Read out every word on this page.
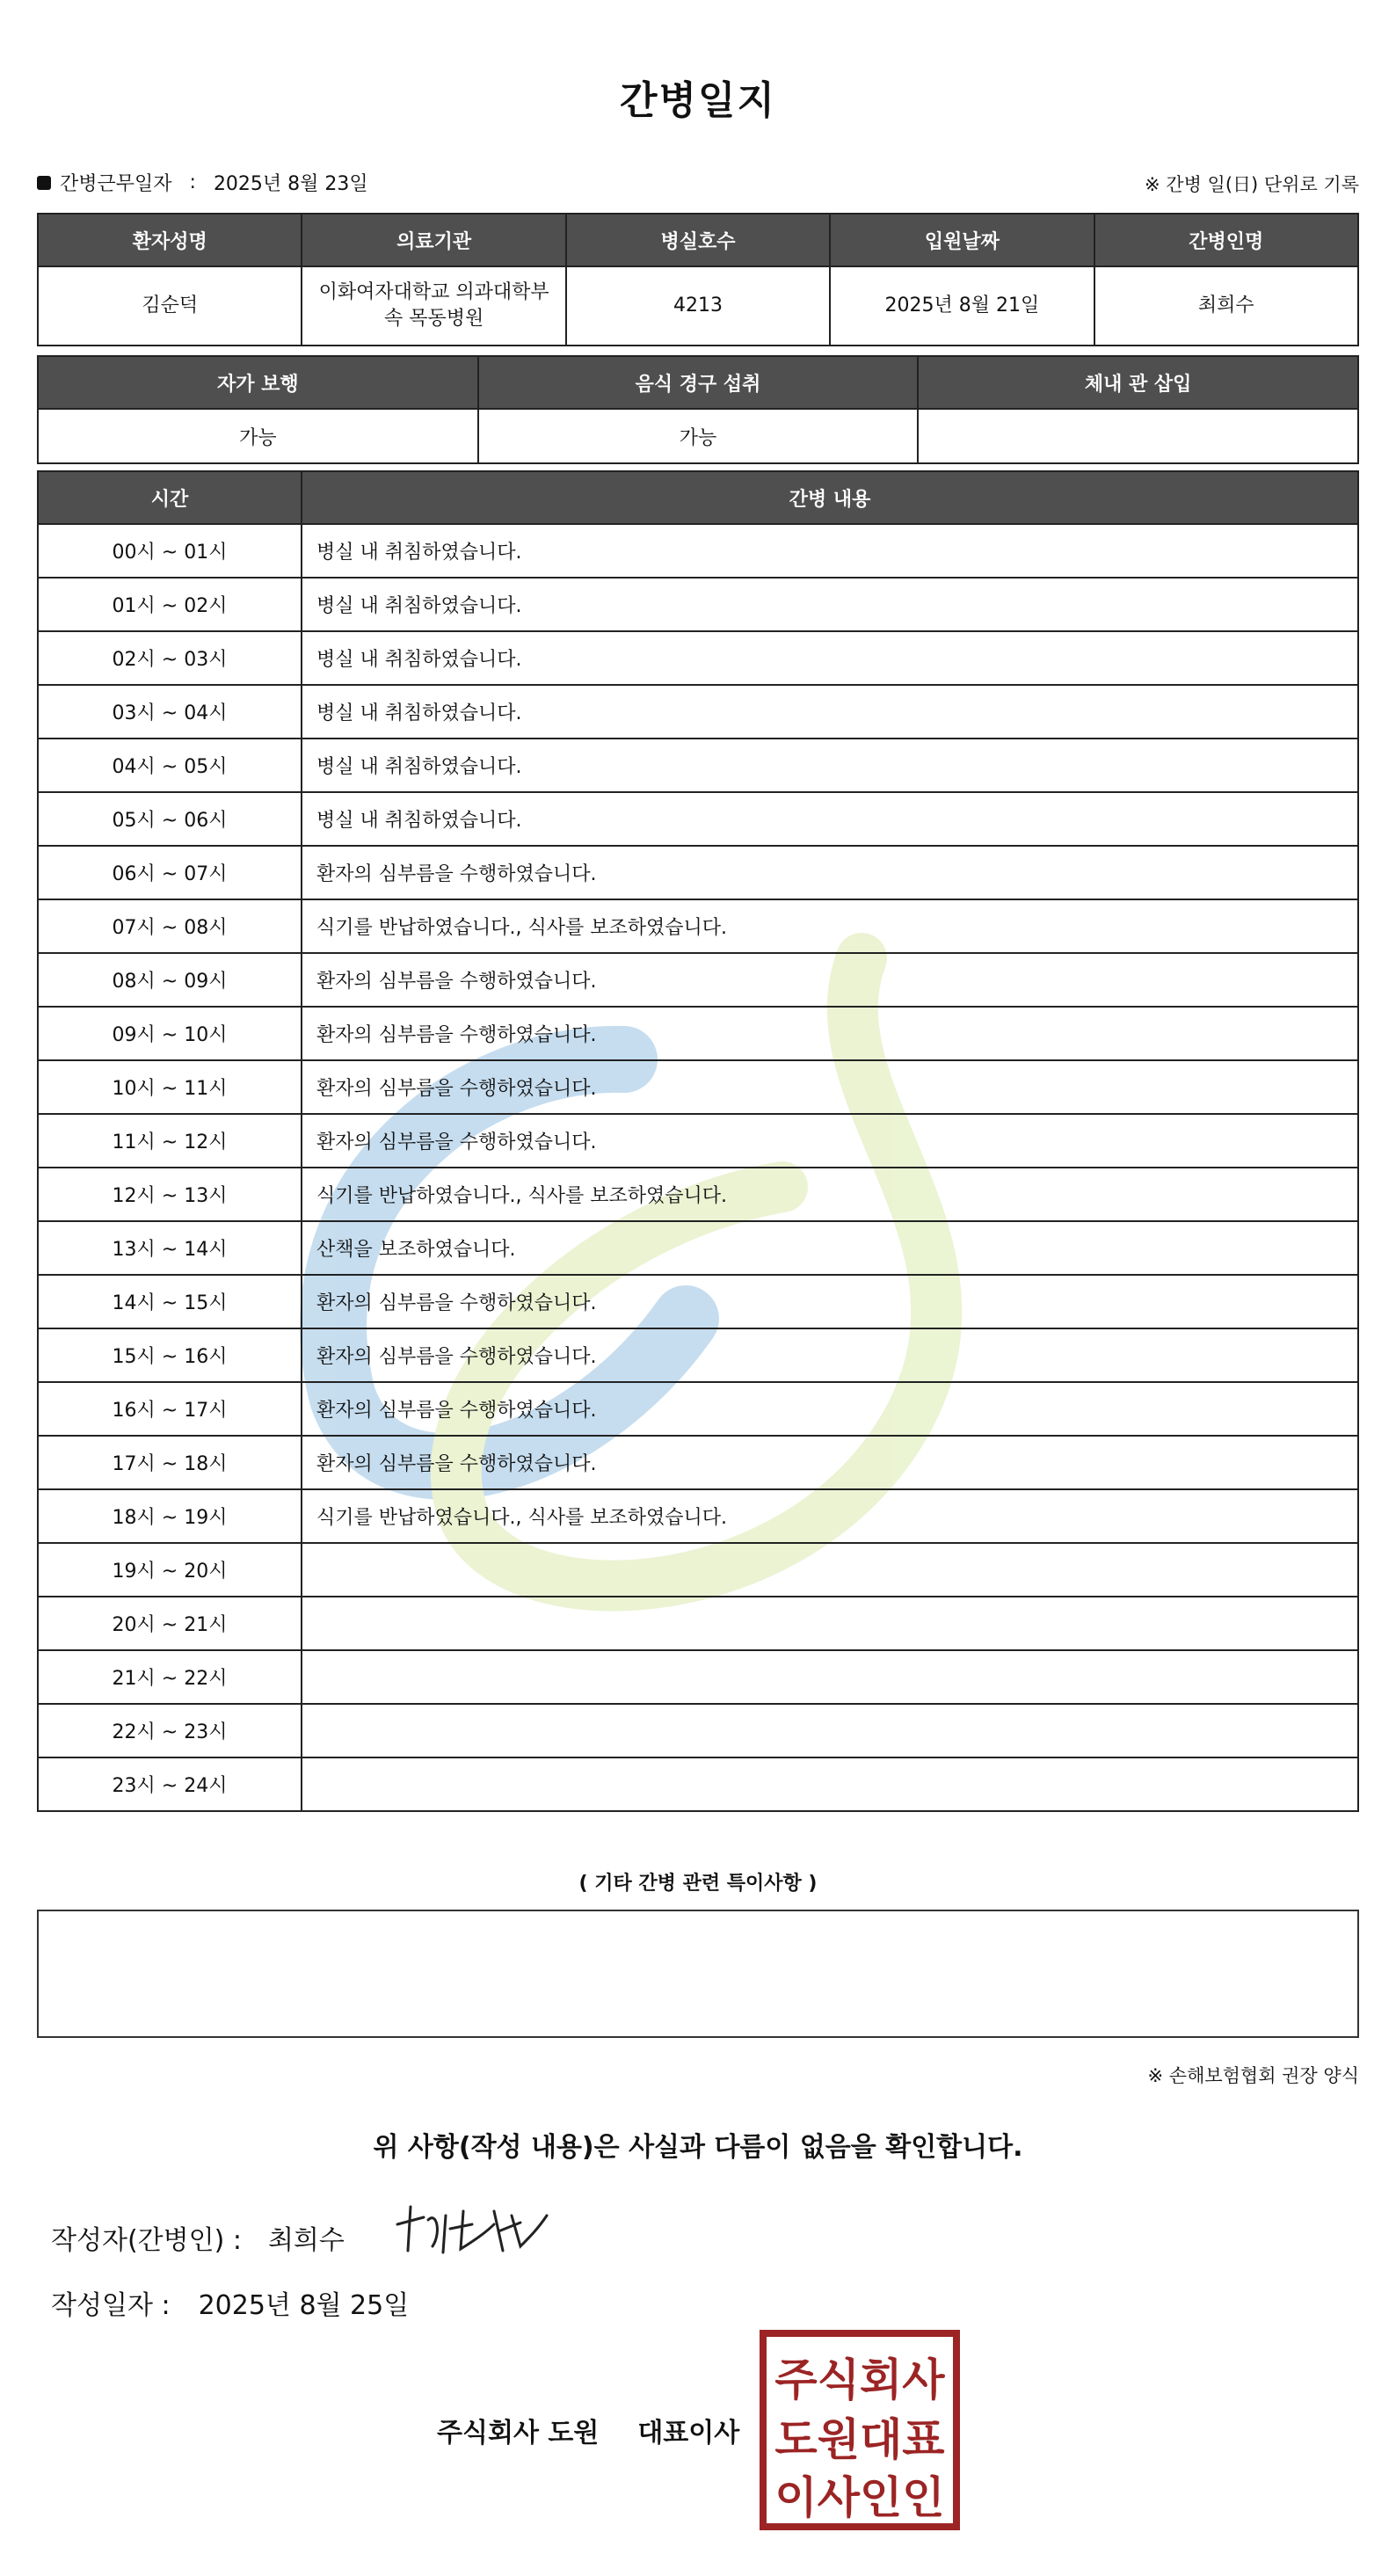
간병일지
간병근무일자 : 2025년 8월 23일	※ 간병 일(日) 단위로 기록
환자성명	의료기관	병실호수	입원날짜	간병인명
김순덕	이화여자대학교 의과대학부속 목동병원	4213	2025년 8월 21일	최희수
자가 보행	음식 경구 섭취	체내 관 삽입
가능	가능	
시간	간병 내용
00시 ~ 01시	병실 내 취침하였습니다.
01시 ~ 02시	병실 내 취침하였습니다.
02시 ~ 03시	병실 내 취침하였습니다.
03시 ~ 04시	병실 내 취침하였습니다.
04시 ~ 05시	병실 내 취침하였습니다.
05시 ~ 06시	병실 내 취침하였습니다.
06시 ~ 07시	환자의 심부름을 수행하였습니다.
07시 ~ 08시	식기를 반납하였습니다., 식사를 보조하였습니다.
08시 ~ 09시	환자의 심부름을 수행하였습니다.
09시 ~ 10시	환자의 심부름을 수행하였습니다.
10시 ~ 11시	환자의 심부름을 수행하였습니다.
11시 ~ 12시	환자의 심부름을 수행하였습니다.
12시 ~ 13시	식기를 반납하였습니다., 식사를 보조하였습니다.
13시 ~ 14시	산책을 보조하였습니다.
14시 ~ 15시	환자의 심부름을 수행하였습니다.
15시 ~ 16시	환자의 심부름을 수행하였습니다.
16시 ~ 17시	환자의 심부름을 수행하였습니다.
17시 ~ 18시	환자의 심부름을 수행하였습니다.
18시 ~ 19시	식기를 반납하였습니다., 식사를 보조하였습니다.
19시 ~ 20시	
20시 ~ 21시	
21시 ~ 22시	
22시 ~ 23시	
23시 ~ 24시	
( 기타 간병 관련 특이사항 )
※ 손해보험협회 권장 양식
위 사항(작성 내용)은 사실과 다름이 없음을 확인합니다.
작성자(간병인) : 최희수
작성일자 : 2025년 8월 25일
주식회사 도원 대표이사
주식회사
도원대표
이사인인
